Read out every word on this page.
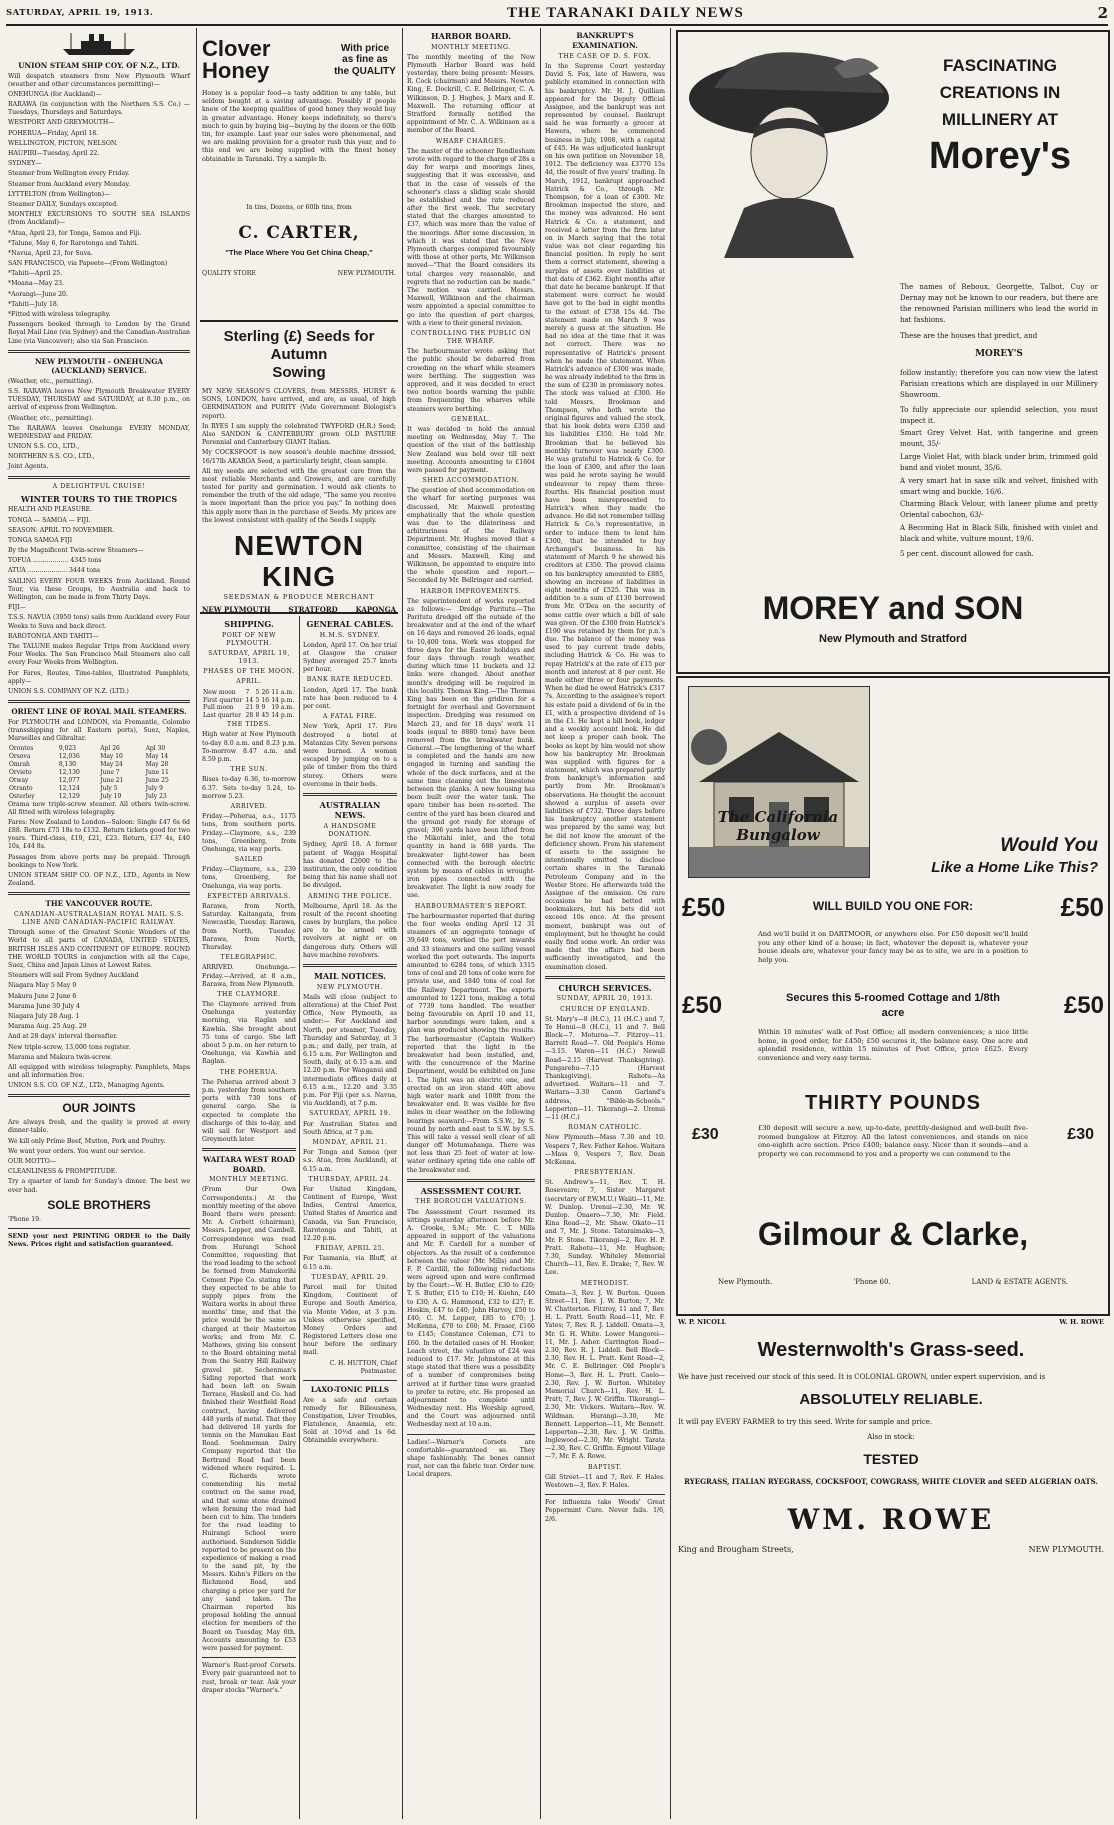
SATURDAY, APRIL 19, 1913.	THE TARANAKI DAILY NEWS	2
UNION STEAM SHIP COY. OF N.Z., LTD.

Will despatch steamers from New Plymouth Wharf (weather and other circumstances permitting)—

ONEHUNGA (for Auckland)—

RARAWA (in conjunction with the Northern S.S. Co.) — Tuesdays, Thursdays and Saturdays.

WESTPORT AND GREYMOUTH—

POHERUA—Friday, April 18.

WELLINGTON, PICTON, NELSON.

HAUPIRI—Tuesday, April 22.

SYDNEY—

Steamer from Wellington every Friday.

Steamer from Auckland every Monday.

LYTTELTON (from Wellington)—

Steamer DAILY, Sundays excepted.

MONTHLY EXCURSIONS TO SOUTH SEA ISLANDS (from Auckland)—

*Atua, April 23, for Tonga, Samoa and Fiji.

*Talune, May 6, for Rarotonga and Tahiti.

*Navua, April 23, for Suva.

SAN FRANCISCO, via Papeete—(From Wellington)

*Tahiti—April 25.

*Moana—May 23.

*Aorangi—June 20.

*Tahiti—July 18.

*Fitted with wireless telegraphy.

Passengers booked through to London by the Grand Royal Mail Line (via Sydney) and the Canadian-Australian Line (via Vancouver); also via San Francisco.

NEW PLYMOUTH - ONEHUNGA (AUCKLAND) SERVICE.

(Weather, etc., permitting).

S.S. RARAWA leaves New Plymouth Breakwater EVERY TUESDAY, THURSDAY and SATURDAY, at 8.30 p.m., on arrival of express from Wellington.

(Weather, etc., permitting).

The RARAWA leaves Onehunga EVERY MONDAY, WEDNESDAY and FRIDAY.

UNION S.S. CO., LTD.,

NORTHERN S.S. CO., LTD.,

Joint Agents.

A DELIGHTFUL CRUISE!
WINTER TOURS TO THE TROPICS

HEALTH AND PLEASURE.

TONGA — SAMOA — FIJI.

SEASON: APRIL TO NOVEMBER.

TONGA SAMOA FIJI

By the Magnificent Twin-screw Steamers—

TOFUA .................. 4345 tons

ATUA .................... 3444 tons

SAILING EVERY FOUR WEEKS from Auckland. Round Tour, via these Groups, to Australia and back to Wellington, can be made in from Thirty Days.

FIJI—

T.S.S. NAVUA (3950 tons) sails from Auckland every Four Weeks to Suva and back direct.

RAROTONGA AND TAHITI—

The TALUNE makes Regular Trips from Auckland every Four Weeks. The San Francisco Mail Steamers also call every Four Weeks from Wellington.

For Fares, Routes, Time-tables, Illustrated Pamphlets, apply—

UNION S.S. COMPANY OF N.Z. (LTD.)

ORIENT LINE OF ROYAL MAIL STEAMERS.

For PLYMOUTH and LONDON, via Fremantle, Colombo (transshipping for all Eastern ports), Suez, Naples, Marseilles and Gibraltar.

Orontes	9,023	Apl 26	Apl 30
Orsova	12,036	May 10	May 14
Omrah	8,130	May 24	May 28
Orvieto	12,130	June 7	June 11
Otway	12,077	June 21	June 25
Otranto	12,124	July 5	July 9
Osterley	12,129	July 19	July 23

Orama new triple-screw steamer. All others twin-screw. All fitted with wireless telegraphy.

Fares: New Zealand to London—Saloon: Single £47 6s 6d £88. Return £75 18s to £132. Return tickets good for two years. Third-class, £19, £21, £23. Return, £37 4s, £40 10s, £44 8s.

Passages from above ports may be prepaid. Through bookings to New York.

UNION STEAM SHIP CO. OF N.Z., LTD., Agents in New Zealand.

THE VANCOUVER ROUTE.
CANADIAN-AUSTRALASIAN ROYAL MAIL S.S. LINE AND CANADIAN-PACIFIC RAILWAY.

Through some of the Greatest Scenic Wonders of the World to all parts of CANADA, UNITED STATES, BRITISH ISLES AND CONTINENT OF EUROPE. ROUND THE WORLD TOURS in conjunction with all the Cape, Suez, China and Japan Lines at Lowest Rates.

Steamers will sail From Sydney Auckland

Niagara May 5 May 9

Makura June 2 June 6

Marama June 30 July 4

Niagara July 28 Aug. 1

Marama Aug. 25 Aug. 29

And at 28 days' interval thereafter.

New triple-screw, 13,000 tons register.

Marama and Makura twin-screw.

All equipped with wireless telegraphy. Pamphlets, Maps and all information free.

UNION S.S. CO. OF N.Z., LTD., Managing Agents.

OUR JOINTS

Are always fresh, and the quality is proved at every dinner-table.

We kill only Prime Beef, Mutton, Pork and Poultry.

We want your orders. You want our service.

OUR MOTTO—

CLEANLINESS & PROMPTITUDE.

Try a quarter of lamb for Sunday's dinner. The best we ever had.

SOLE BROTHERS

'Phone 19.

SEND your next PRINTING ORDER to the Daily News. Prices right and satisfaction guaranteed.

Clover Honey
With price as fine as the QUALITY

Honey is a popular food—a tasty addition to any table, but seldom bought at a saving advantage. Possibly if people knew of the keeping qualities of good honey they would buy in greater advantage. Honey keeps indefinitely, so there's much to gain by buying big—buying by the dozen or the 60lb tin, for example. Last year our sales were phenomenal, and we are making provision for a greater rush this year, and to this end we are being supplied with the finest honey obtainable in Taranaki. Try a sample lb.

In tins, Dozens, or 60lb tins, from

C. CARTER,
"The Place Where You Get China Cheap,"
QUALITY STORE	NEW PLYMOUTH.
Sterling (£) Seeds for Autumn
Sowing

MY NEW SEASON'S CLOVERS, from MESSRS. HURST & SONS, LONDON, have arrived, and are, as usual, of high GERMINATION and PURITY (Vide Government Biologist's report).

In RYES I am supply the celebrated TWYFORD (H.R.) Seed; Also SANDON & CANTERBURY grown OLD PASTURE Perennial and Canterbury GIANT Italian.

My COCKSFOOT is new season's double machine dressed, 16/17lb AKAROA Seed, a particularly bright, clean sample.

All my seeds are selected with the greatest care from the most reliable Merchants and Growers, and are carefully tested for purity and germination. I would ask clients to remember the truth of the old adage, "The same you receive is more important than the price you pay." In nothing does this apply more than in the purchase of Seeds. My prices are the lowest consistent with quality of the Seeds I supply.

NEWTON KING
SEEDSMAN & PRODUCE MERCHANT
NEW PLYMOUTH	STRATFORD	KAPONGA
SHIPPING.
PORT OF NEW PLYMOUTH.
SATURDAY, APRIL 19, 1913.
PHASES OF THE MOON.
APRIL.
New moon	7	5	26	11 a.m.
First quarter	14	5	16	14 p.m.
Full moon	21	9	9	19 a.m.
Last quarter	28	8	45	14 p.m.
THE TIDES.

High water at New Plymouth to-day 8.0 a.m. and 8.23 p.m. To-morrow 8.47 a.m. and 8.59 p.m.

THE SUN.

Rises to-day 6.36, to-morrow 6.37. Sets to-day 5.24, to-morrow 5.23.

ARRIVED.

Friday.—Poherua, a.s., 1175 tons, from southern ports. Friday.—Claymore, s.s., 239 tons, Greenberg, from Onehunga, via way ports.

SAILED

Friday.—Claymore, s.s., 239 tons, Greenberg, for Onehunga, via way ports.

EXPECTED ARRIVALS.

Rarawa, from North, Saturday. Kaitangata, from Newcastle, Tuesday. Rarawa, from North, Tuesday. Rarawa, from North, Thursday.

TELEGRAPHIC.

ARRIVED. Onehunga.—Friday.—Arrived, at 8 a.m., Rarawa, from New Plymouth.

THE CLAYMORE.

The Claymore arrived from Onehunga yesterday morning, via Raglan and Kawhia. She brought about 75 tons of cargo. She left about 5 p.m. on her return to Onehunga, via Kawhia and Raglan.

THE POHERUA.

The Poherua arrived about 3 p.m. yesterday from southern ports with 730 tons of general cargo. She is expected to complete the discharge of this to-day, and will sail for Westport and Greymouth later.

WAITARA WEST ROAD BOARD.
MONTHLY MEETING.

(From Our Own Correspondents.) At the monthly meeting of the above Board there were present: Mr. A. Corbett (chairman), Messrs. Lepper, and Cambell. Correspondence was read from Hurangi School Committee, requesting that the road leading to the school be formed from Manukorihi Cement Pipe Co. stating that they expected to be able to supply pipes from the Waitara works in about three months' time, and that the price would be the same as charged at their Masterton works; and from Mr. C. Mathews, giving his consent to the Board obtaining metal from the Sentry Hill Railway gravel pit. Sechenman's Siding reported that work had been left on Swain Terrace, Haskell and Co. had finished their Westfield Road contract, having delivered 448 yards of metal. That they had delivered 18 yards for tennis on the Manukau East Road. Soehmeman Dairy Company reported that the Bertrand Road had been widened where required. L. C. Richards wrote commending his metal contract on the same road, and that some stone drained when forming the road had been cut to him. The tenders for the road leading to Huirangi School were authorised. Sunderson Siddle reported to be present on the expedience of making a road to the sand pit, by the Messrs. Kuhn's Fillers on the Richmond Road, and charging a price per yard for any sand taken. The Chairman reported his proposal holding the annual election for members of the Board on Tuesday, May 6th. Accounts amounting to £53 were passed for payment.

Warner's Rust-proof Corsets. Every pair guaranteed not to rust, break or tear. Ask your draper stocks "Warner's."

GENERAL CABLES.
H.M.S. SYDNEY.

London, April 17. On her trial at Glasgow the cruiser Sydney averaged 25.7 knots per hour.

BANK RATE REDUCED.

London, April 17. The bank rate has been reduced to 4 per cent.

A FATAL FIRE.

New York, April 17. Fire destroyed a hotel at Matanzas City. Seven persons were burned. A woman escaped by jumping on to a pile of timber from the third storey. Others were overcome in their beds.

AUSTRALIAN NEWS.
A HANDSOME DONATION.

Sydney, April 18. A former patient of Wagga Hospital has donated £2000 to the institution, the only condition being that his name shall not be divulged.

ARMING THE POLICE.

Melbourne, April 18. As the result of the recent shooting cases by burglars, the police are to be armed with revolvers at night or on dangerous duty. Others will have machine revolvers.

MAIL NOTICES.
NEW PLYMOUTH.

Mails will close (subject to alterations) at the Chief Post Office, New Plymouth, as under:— For Auckland and North, per steamer, Tuesday, Thursday and Saturday, at 3 p.m.; and daily, per train, at 6.15 a.m. For Wellington and South, daily, at 6.15 a.m. and 12.20 p.m. For Wanganui and intermediate offices daily at 6.15 a.m., 12.20 and 3.35 p.m. For Fiji (per s.s. Navua, via Auckland), at 7 p.m.

SATURDAY, APRIL 19.

For Australian States and South Africa, at 7 p.m.

MONDAY, APRIL 21.

For Tonga and Samoa (per s.s. Atua, from Auckland), at 6.15 a.m.

THURSDAY, APRIL 24.

For United Kingdom, Continent of Europe, West Indies, Central America, United States of America and Canada, via San Francisco, Rarotonga and Tahiti, at 12.20 p.m.

FRIDAY, APRIL 25.

For Tasmania, via Bluff, at 6.15 a.m.

TUESDAY, APRIL 29.

Parcel mail for United Kingdom, Continent of Europe and South America, via Monte Video, at 3 p.m. Unless otherwise specified, Money Orders and Registered Letters close one hour before the ordinary mail.

C. H. HUTTON, Chief Postmaster.

LAXO-TONIC PILLS

Are a safe and certain remedy for Biliousness, Constipation, Liver Troubles, Flatulence, Anaemia, etc. Sold at 10½d and 1s 6d. Obtainable everywhere.

HARBOR BOARD.
MONTHLY MEETING.

The monthly meeting of the New Plymouth Harbor Board was held yesterday, there being present: Messrs. R. Cock (chairman) and Messrs. Newton King, E. Dockrill, C. E. Bellringer, C. A. Wilkinson, D. J. Hughes, J. Marx and E. Maxwell. The returning officer at Stratford formally notified the appointment of Mr. C. A. Wilkinson as a member of the Board.

WHARF CHARGES.

The master of the schooner Rendlesham wrote with regard to the charge of 28s a day for warps and moorings lines, suggesting that it was excessive, and that in the case of vessels of the schooner's class a sliding scale should be established and the rate reduced after the first week. The secretary stated that the charges amounted to £37, which was more than the value of the moorings. After some discussion, in which it was stated that the New Plymouth charges compared favourably with those at other ports, Mr. Wilkinson moved—"That the Board considers its total charges very reasonable, and regrets that no reduction can be made." The motion was carried. Messrs. Maxwell, Wilkinson and the chairman were appointed a special committee to go into the question of port charges, with a view to their general revision.

CONTROLLING THE PUBLIC ON THE WHARF.

The harbourmaster wrote asking that the public should be debarred from crowding on the wharf while steamers were berthing. The suggestion was approved, and it was decided to erect two notice boards warning the public from frequenting the wharves while steamers were berthing.

GENERAL.

It was decided to hold the annual meeting on Wednesday, May 7. The question of the visit of the battleship New Zealand was held over till next meeting. Accounts amounting to £1604 were passed for payment.

SHED ACCOMMODATION.

The question of shed accommodation on the wharf for sorting purposes was discussed, Mr. Maxwell protesting emphatically that the whole question was due to the dilatoriness and arbitrariness of the Railway Department. Mr. Hughes moved that a committee, consisting of the chairman and Messrs. Maxwell, King and Wilkinson, be appointed to enquire into the whole question and report.—Seconded by Mr. Bellringer and carried.

HARBOR IMPROVEMENTS.

The superintendent of works reported as follows:— Dredge Paritutu.—The Paritutu dredged off the outside of the breakwater and at the end of the wharf on 16 days and removed 26 loads, equal to 10,400 tons. Work was stopped for three days for the Easter holidays and four days through rough weather, during which time 11 buckets and 12 links were changed. About another month's dredging will be required in this locality. Thomas King.—The Thomas King has been on the gridiron for a fortnight for overhaul and Government inspection. Dredging was resumed on March 23, and for 18 days' work 11 loads (equal to 8880 tons) have been removed from the breakwater bank. General.—The lengthening of the wharf is completed and the hands are now engaged in turning and sanding the whole of the deck surfaces, and at the same time cleaning out the limestone between the planks. A new housing has been built over the water tank. The spare timber has been re-sorted. The centre of the yard has been cleared and the ground got ready for storage of gravel; 396 yards have been lifted from the Mikotahi inlet, and the total quantity in hand is 688 yards. The breakwater light-tower has been connected with the borough electric system by means of cables in wrought-iron pipes connected with the breakwater. The light is now ready for use.

HARBOURMASTER'S REPORT.

The harbourmaster reported that during the four weeks ending April 12 31 steamers of an aggregate tonnage of 39,649 tons, worked the port inwards and 33 steamers and one sailing vessel worked the port outwards. The imports amounted to 6284 tons, of which 1315 tons of coal and 20 tons of coke were for private use, and 1840 tons of coal for the Railway Department. The exports amounted to 1221 tons, making a total of 7739 tons handled. The weather being favourable on April 10 and 11, harbor soundings were taken, and a plan was produced showing the results. The harbourmaster (Captain Walker) reported that the light in the breakwater had been installed, and, with the concurrence of the Marine Department, would be exhibited on June 1. The light was an electric one, and erected on an iron stand 40ft above high water mark and 100ft from the breakwater end. It was visible for five miles in clear weather on the following bearings seaward:—From S.S.W., by S. round by north and east to S.W. by S.S. This will take a vessel well clear of all danger off Motumahanga. There was not less than 25 feet of water at low-water ordinary spring tide one cable off the breakwater end.

ASSESSMENT COURT.
THE BOROUGH VALUATIONS.

The Assessment Court resumed its sittings yesterday afternoon before Mr. A. Crooke, S.M.; Mr. C. T. Mills appeared in support of the valuations and Mr. F. Cardell for a number of objectors. As the result of a conference between the valuer (Mr. Mills) and Mr. F. P. Cardill, the following reductions were agreed upon and were confirmed by the Court:—W. H. Butler, £30 to £20; T. S. Butler, £15 to £10; H. Kuehn, £40 to £30; A. G. Hammond, £32 to £27; E. Hoskin, £47 to £40; John Harvey, £50 to £40; C. M. Lepper, £85 to £70; J. McKenna, £70 to £60; M. Fraser, £160 to £145; Constance Coleman, £71 to £60. In the detailed cases of H. Hooker, Leach street, the valuation of £24 was reduced to £17. Mr. Johnstone at this stage stated that there was a possibility of a number of compromises being arrived at if further time were granted to prefer to retire, etc. He proposed an adjournment to complete until Wednesday next. His Worship agreed, and the Court was adjourned until Wednesday next at 10 a.m.

Ladies!—Warner's Corsets are comfortable—guaranteed so. They shape fashionably. The bones cannot rust, nor can the fabric tear. Order now. Local drapers.

BANKRUPT'S EXAMINATION.
THE CASE OF D. S. FOX.

In the Supreme Court yesterday David S. Fox, late of Hawera, was publicly examined in connection with his bankruptcy. Mr. H. J. Quilliam appeared for the Deputy Official Assignee, and the bankrupt was not represented by counsel. Bankrupt said he was formerly a grocer at Hawera, where he commenced business in July, 1908, with a capital of £45. He was adjudicated bankrupt on his own petition on November 18, 1912. The deficiency was £3770 15s 4d, the result of five years' trading. In March, 1912, bankrupt approached Hatrick & Co., through Mr. Thompson, for a loan of £300. Mr. Brookman inspected the store, and the money was advanced. He sent Hatrick & Co. a statement, and received a letter from the firm later on in March saying that the total value was not clear regarding his financial position. In reply he sent them a correct statement, showing a surplus of assets over liabilities at that date of £362. Eight months after that date he became bankrupt. If that statement were correct he would have got to the bad in eight months to the extent of £738 15s 4d. The statement made on March 9 was merely a guess at the situation. He had no idea at the time that it was not correct. There was no representative of Hatrick's present when he made the statement. When Hatrick's advance of £300 was made, he was already indebted to the firm in the sum of £230 in promissory notes. The stock was valued at £300. He told Messrs. Brookman and Thompson, who both wrote the original figures and valued the stock, that his book debts were £350 and his liabilities £350. He told Mr. Brookman that he believed his monthly turnover was nearly £300. He was grateful to Hatrick & Co. for the loan of £300, and after the loan was paid he wrote saying he would endeavour to repay them three-fourths. His financial position must have been misrepresented to Hatrick's when they made the advance. He did not remember telling Hatrick & Co.'s representative, in order to induce them to lend him £300, that he intended to buy Archangel's business. In his statement of March 9 he showed his creditors at £350. The proved claims on his bankruptcy amounted to £885, showing an increase of liabilities in eight months of £525. This was in addition to a sum of £130 borrowed from Mr. O'Dea on the security of some cattle over which a bill of sale was given. Of the £300 from Hatrick's £190 was retained by them for p.n.'s due. The balance of the money was used to pay current trade debts, including Hatrick & Co. He was to repay Hatrick's at the rate of £15 per month and interest at 8 per cent. He made either three or four payments. When he died he owed Hatrick's £317 7s. According to the assignee's report his estate paid a dividend of 6s in the £1, with a prospective dividend of 1s in the £1. He kept a bill book, ledger and a weekly account book. He did not keep a proper cash book. The books as kept by him would not show how his bankruptcy Mr. Brookman was supplied with figures for a statement, which was prepared partly from bankrupt's information and partly from Mr. Brookman's observations. He thought the account showed a surplus of assets over liabilities of £732. Three days before his bankruptcy another statement was prepared by the same way, but he did not know the amount of the deficiency shown. From his statement of assets to the assignee he intentionally omitted to disclose certain shares in the Taranaki Petroleum Company and in the Wester Store. He afterwards told the Assignee of the omission. On rare occasions he had betted with bookmakers, but his bets did not exceed 10s once. At the present moment, bankrupt was out of employment, but he thought he could easily find some work. An order was made that the affairs had been sufficiently investigated, and the examination closed.

CHURCH SERVICES.
SUNDAY, APRIL 20, 1913.
CHURCH OF ENGLAND.

St. Mary's—8 (H.C.), 11 (H.C.) and 7, Te Henui—8 (H.C.), 11 and 7. Bell Block—7. Moturoa—7. Fitzroy—11. Barrett Road—7. Old People's Home—3.15. Waren—11 (H.C.) Newall Road—2.15 (Harvest Thanksgiving). Pungarehu—7.15 (Harvest Thanksgiving). Rahotu—As advertised. Waitara—11 and 7. Waitara—3.30 Canon Garland's address, "Bible-in-Schools." Lepperton—11. Tikorangi—2. Urenui—11 (H.C.)

ROMAN CATHOLIC.

New Plymouth—Mass 7.30 and 10. Vespers 7, Rev. Father Kehoe. Waitara—Mass 9, Vespers 7, Rev. Dean McKenna.

PRESBYTERIAN.

St. Andrew's—11, Rev. T. H. Roseveare; 7, Sister Margaret (secretary of P.W.M.U.) Waiiti—11, Mr. W. Dunlop. Urenui—2.30, Mr. W. Dunlop. Onaero—7.30, Mr. Field. Kina Road—2, Mr. Shaw. Okato—11 and 7, Mr. J. Stone. Tataraimaka—3, Mr. F. Stone. Tikorangi—2, Rev. H. P. Pratt. Rahotu—11, Mr. Hughson; 7.30, Sunday. Whiteley Memorial Church—11, Rev. E. Drake; 7, Rev. W. Lee.

METHODIST.

Omata—3, Rev. J. W. Burton. Queen Street—11, Rev. J. W. Burton; 7, Mr. W. Chatterton. Fitzroy, 11 and 7, Rev. H. L. Pratt. South Road—11, Mr. F. Yates; 7, Rev. R. J. Liddell. Omata—3, Mr. G. H. White. Lower Mangorei—11, Mr. J. Asher. Carrington Road—2.30, Rev. R. J. Liddell. Bell Block—2.30, Rev. H. L. Pratt. Kent Road—2, Mr. C. E. Bellringer. Old People's Home—3, Rev. H. L. Pratt. Caelo—2.30, Rev. J. W. Burton. Whiteley Memorial Church—11, Rev. H. L. Pratt; 7, Rev. J. W. Griffin. Tikorangi—2.30, Mr. Vickers. Waitara—Rev. W. Wildman. Hurangi—3.30, Mr. Bennett. Lepperton—11, Mr. Bennett. Lepperton—2.30, Rev. J. W. Griffin. Inglewood—2.30, Mr. Wright. Tarata—2.30, Rev. C. Griffin. Egmont Village—7, Mr. F. A. Rowe.

BAPTIST.

Gill Street—11 and 7, Rev. F. Hales. Westown—3, Rev. F. Hales.

For influenza take Woods' Great Peppermint Cure. Never fails. 1/6, 2/6.

FASCINATING
CREATIONS IN
MILLINERY AT
Morey's

The names of Reboux, Georgette, Talbot, Cuy or Dernay may not be known to our readers, but there are the renowned Parisian milliners who lead the world in hat fashions.

These are the houses that predict, and

MOREY'S

follow instantly; therefore you can now view the latest Parisian creations which are displayed in our Millinery Showroom.

To fully appreciate our splendid selection, you must inspect it.

Smart Grey Velvet Hat, with tangerine and green mount, 35/-

Large Violet Hat, with black under brim, trimmed gold band and violet mount, 35/6.

A very smart hat in saxe silk and velvet, finished with smart wing and buckle, 16/6.

Charming Black Velour, with laneer plume and pretty Oriental cabochon, 63/-

A Becoming Hat in Black Silk, finished with violet and black and white, vulture mount, 19/6.

5 per cent. discount allowed for cash.

MOREY and SON
New Plymouth and Stratford
The California
Bungalow	Would You
Like a Home Like This?
£50	WILL BUILD YOU ONE FOR:	£50

And we'll build it on DARTMOOR, or anywhere else. For £50 deposit we'll build you any other kind of a house; in fact, whatever the deposit is, whatever your house ideals are, whatever your fancy may be as to site, we are in a position to help you.

£50	Secures this 5-roomed Cottage and 1/8th acre	£50

Within 10 minutes' walk of Post Office; all modern conveniences; a nice little home, in good order, for £450; £50 secures it, the balance easy. One acre and splendid residence, within 15 minutes of Post Office, price £625. Every convenience and very easy terms.

THIRTY POUNDS
£30	£30

£30 deposit will secure a new, up-to-date, prettily-designed and well-built five-roomed bungalow at Fitzroy. All the latest conveniences, and stands on nice one-eighth acre section. Price £400; balance easy. Nicer than it sounds—and a property we can recommend to you and a property we can commend to the

Gilmour & Clarke,
New Plymouth.	'Phone 60.	LAND & ESTATE AGENTS.
W. P. NICOLL	W. H. ROWE
Westernwolth's Grass-seed.

We have just received our stock of this seed. It is COLONIAL GROWN, under expert supervision, and is

ABSOLUTELY RELIABLE.

It will pay EVERY FARMER to try this seed. Write for sample and price.

Also in stock:

TESTED

RYEGRASS, ITALIAN RYEGRASS, COCKSFOOT, COWGRASS, WHITE CLOVER and SEED ALGERIAN OATS.

WM. ROWE
King and Brougham Streets,	NEW PLYMOUTH.
